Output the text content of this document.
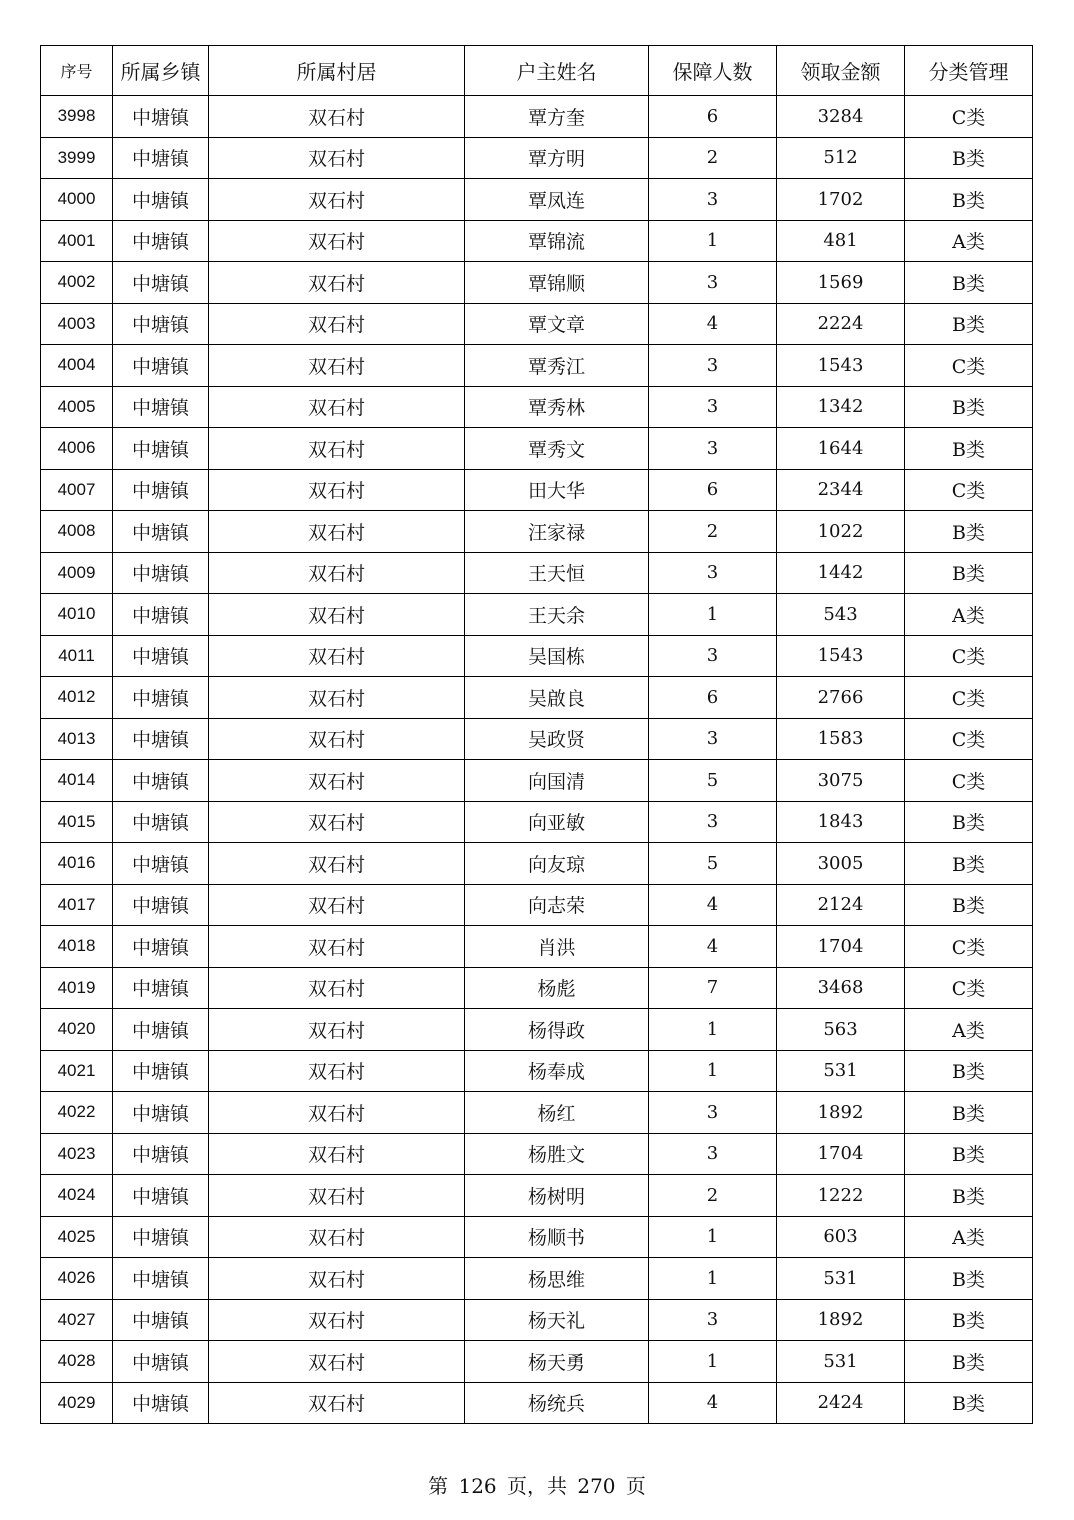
序号	所属乡镇	所属村居	户主姓名	保障人数	领取金额	分类管理
3998	中塘镇	双石村	覃方奎	6	3284	C类
3999	中塘镇	双石村	覃方明	2	512	B类
4000	中塘镇	双石村	覃凤连	3	1702	B类
4001	中塘镇	双石村	覃锦流	1	481	A类
4002	中塘镇	双石村	覃锦顺	3	1569	B类
4003	中塘镇	双石村	覃文章	4	2224	B类
4004	中塘镇	双石村	覃秀江	3	1543	C类
4005	中塘镇	双石村	覃秀林	3	1342	B类
4006	中塘镇	双石村	覃秀文	3	1644	B类
4007	中塘镇	双石村	田大华	6	2344	C类
4008	中塘镇	双石村	汪家禄	2	1022	B类
4009	中塘镇	双石村	王天恒	3	1442	B类
4010	中塘镇	双石村	王天余	1	543	A类
4011	中塘镇	双石村	吴国栋	3	1543	C类
4012	中塘镇	双石村	吴啟良	6	2766	C类
4013	中塘镇	双石村	吴政贤	3	1583	C类
4014	中塘镇	双石村	向国清	5	3075	C类
4015	中塘镇	双石村	向亚敏	3	1843	B类
4016	中塘镇	双石村	向友琼	5	3005	B类
4017	中塘镇	双石村	向志荣	4	2124	B类
4018	中塘镇	双石村	肖洪	4	1704	C类
4019	中塘镇	双石村	杨彪	7	3468	C类
4020	中塘镇	双石村	杨得政	1	563	A类
4021	中塘镇	双石村	杨奉成	1	531	B类
4022	中塘镇	双石村	杨红	3	1892	B类
4023	中塘镇	双石村	杨胜文	3	1704	B类
4024	中塘镇	双石村	杨树明	2	1222	B类
4025	中塘镇	双石村	杨顺书	1	603	A类
4026	中塘镇	双石村	杨思维	1	531	B类
4027	中塘镇	双石村	杨天礼	3	1892	B类
4028	中塘镇	双石村	杨天勇	1	531	B类
4029	中塘镇	双石村	杨统兵	4	2424	B类
第 126 页，共 270 页
